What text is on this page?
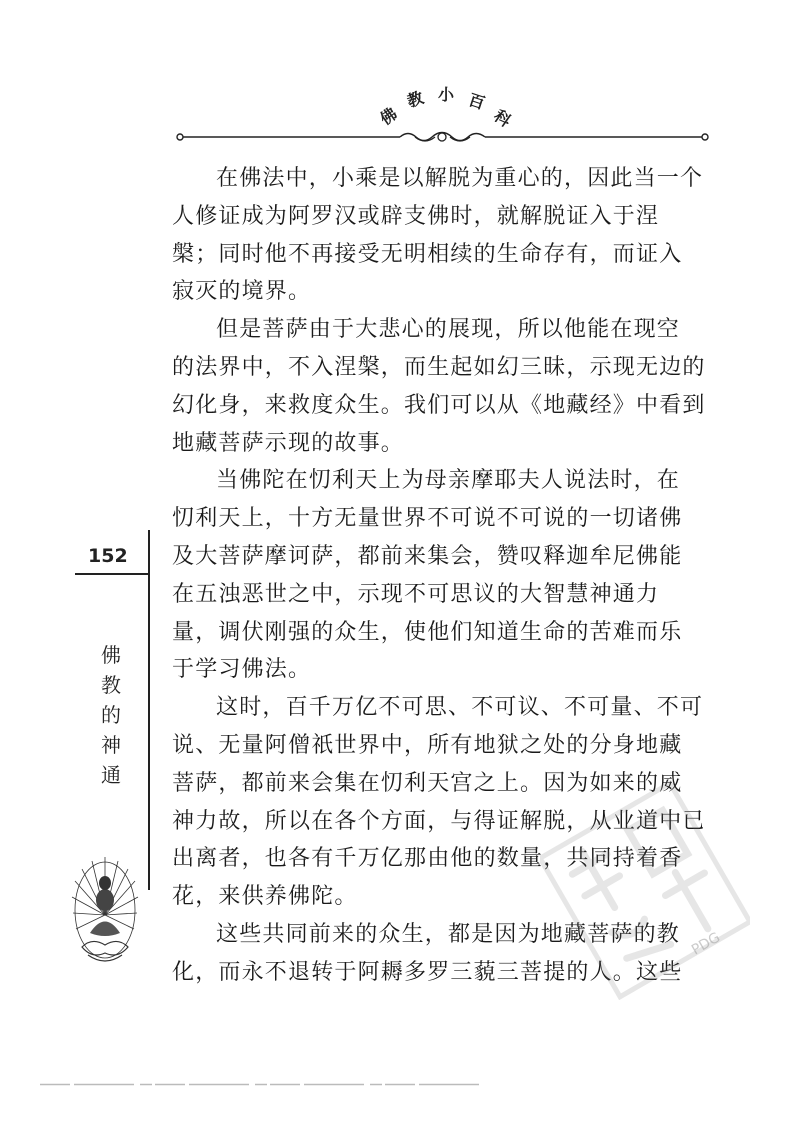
佛
教 小 百
科
在佛法中，小乘是以解脱为重心的，因此当一个
人修证成为阿罗汉或辟支佛时，就解脱证入于涅
槃；同时他不再接受无明相续的生命存有，而证入
寂灭的境界。
但是菩萨由于大悲心的展现，所以他能在现空
的法界中，不入涅槃，而生起如幻三昧，示现无边的
幻化身，来救度众生。我们可以从《地藏经》中看到
地藏菩萨示现的故事。
当佛陀在忉利天上为母亲摩耶夫人说法时，在
忉利天上，十方无量世界不可说不可说的一切诸佛
及大菩萨摩诃萨，都前来集会，赞叹释迦牟尼佛能
在五浊恶世之中，示现不可思议的大智慧神通力
量，调伏刚强的众生，使他们知道生命的苦难而乐
于学习佛法。
这时，百千万亿不可思、不可议、不可量、不可
说、无量阿僧祇世界中，所有地狱之处的分身地藏
菩萨，都前来会集在忉利天宫之上。因为如来的威
神力故，所以在各个方面，与得证解脱，从业道中已
出离者，也各有千万亿那由他的数量，共同持着香
花，来供养佛陀。
这些共同前来的众生，都是因为地藏菩萨的教
化，而永不退转于阿耨多罗三藐三菩提的人。这些
152
佛
教
的
神
通
PDG
